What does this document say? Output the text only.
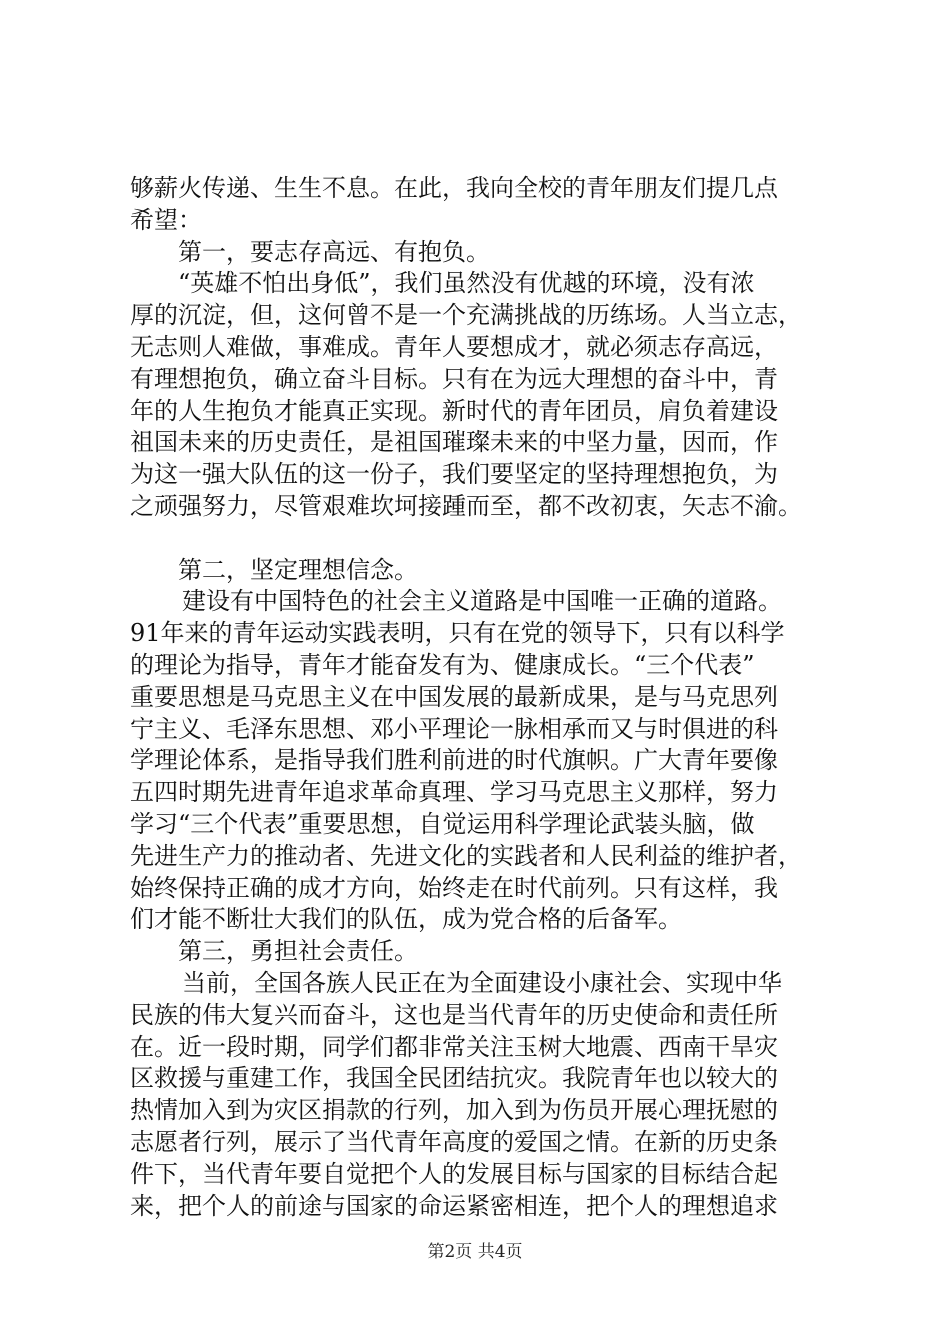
够薪火传递、生生不息。在此，我向全校的青年朋友们提几点
希望：
第一，要志存高远、有抱负。
“英雄不怕出身低”，我们虽然没有优越的环境，没有浓
厚的沉淀，但，这何曾不是一个充满挑战的历练场。人当立志，
无志则人难做，事难成。青年人要想成才，就必须志存高远，
有理想抱负，确立奋斗目标。只有在为远大理想的奋斗中，青
年的人生抱负才能真正实现。新时代的青年团员，肩负着建设
祖国未来的历史责任，是祖国璀璨未来的中坚力量，因而，作
为这一强大队伍的这一份子，我们要坚定的坚持理想抱负，为
之顽强努力，尽管艰难坎坷接踵而至，都不改初衷，矢志不渝。
第二，坚定理想信念。
建设有中国特色的社会主义道路是中国唯一正确的道路。
91年来的青年运动实践表明，只有在党的领导下，只有以科学
的理论为指导，青年才能奋发有为、健康成长。“三个代表”
重要思想是马克思主义在中国发展的最新成果，是与马克思列
宁主义、毛泽东思想、邓小平理论一脉相承而又与时俱进的科
学理论体系，是指导我们胜利前进的时代旗帜。广大青年要像
五四时期先进青年追求革命真理、学习马克思主义那样，努力
学习“三个代表”重要思想，自觉运用科学理论武装头脑，做
先进生产力的推动者、先进文化的实践者和人民利益的维护者，
始终保持正确的成才方向，始终走在时代前列。只有这样，我
们才能不断壮大我们的队伍，成为党合格的后备军。
第三，勇担社会责任。
当前，全国各族人民正在为全面建设小康社会、实现中华
民族的伟大复兴而奋斗，这也是当代青年的历史使命和责任所
在。近一段时期，同学们都非常关注玉树大地震、西南干旱灾
区救援与重建工作，我国全民团结抗灾。我院青年也以较大的
热情加入到为灾区捐款的行列，加入到为伤员开展心理抚慰的
志愿者行列，展示了当代青年高度的爱国之情。在新的历史条
件下，当代青年要自觉把个人的发展目标与国家的目标结合起
来，把个人的前途与国家的命运紧密相连，把个人的理想追求
第2页 共4页
